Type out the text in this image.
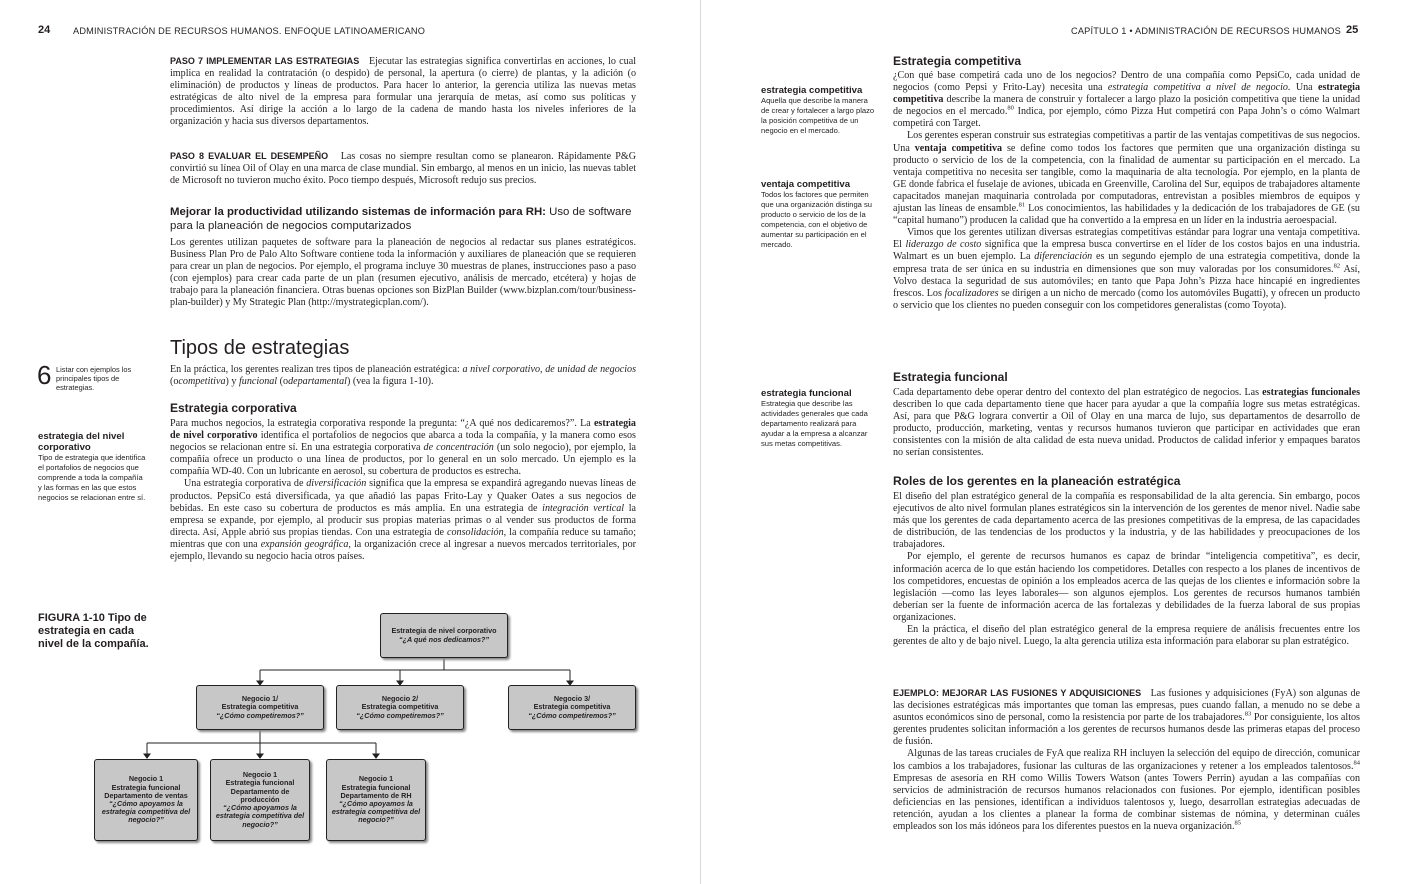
24 ADMINISTRACIÓN DE RECURSOS HUMANOS. ENFOQUE LATINOAMERICANO

PASO 7 IMPLEMENTAR LAS ESTRATEGIAS Ejecutar las estrategias significa convertirlas en acciones, lo cual implica en realidad la contratación (o despido) de personal, la apertura (o cierre) de plantas, y la adición (o eliminación) de productos y líneas de productos. Para hacer lo anterior, la gerencia utiliza las nuevas metas estratégicas de alto nivel de la empresa para formular una jerarquía de metas, así como sus políticas y procedimientos. Así dirige la acción a lo largo de la cadena de mando hasta los niveles inferiores de la organización y hacia sus diversos departamentos.

PASO 8 EVALUAR EL DESEMPEÑO Las cosas no siempre resultan como se planearon. Rápidamente P&G convirtió su línea Oil of Olay en una marca de clase mundial. Sin embargo, al menos en un inicio, las nuevas tablet de Microsoft no tuvieron mucho éxito. Poco tiempo después, Microsoft redujo sus precios.

Mejorar la productividad utilizando sistemas de información para RH: Uso de software para la planeación de negocios computarizados
Los gerentes utilizan paquetes de software para la planeación de negocios al redactar sus planes estratégicos. Business Plan Pro de Palo Alto Software contiene toda la información y auxiliares de planeación que se requieren para crear un plan de negocios. Por ejemplo, el programa incluye 30 muestras de planes, instrucciones paso a paso (con ejemplos) para crear cada parte de un plan (resumen ejecutivo, análisis de mercado, etcétera) y hojas de trabajo para la planeación financiera. Otras buenas opciones son BizPlan Builder (www.bizplan.com/tour/business-plan-builder) y My Strategic Plan (http://mystrategicplan.com/).
Tipos de estrategias
6 Listar con ejemplos los principales tipos de estrategias.
En la práctica, los gerentes realizan tres tipos de planeación estratégica: a nivel corporativo, de unidad de negocios (ocompetitiva) y funcional (odepartamental) (vea la figura 1-10).
Estrategia corporativa

Para muchos negocios, la estrategia corporativa responde la pregunta: “¿A qué nos dedicaremos?”. La estrategia de nivel corporativo identifica el portafolios de negocios que abarca a toda la compañía, y la manera como esos negocios se relacionan entre sí. En una estrategia corporativa de concentración (un solo negocio), por ejemplo, la compañía ofrece un producto o una línea de productos, por lo general en un solo mercado. Un ejemplo es la compañía WD-40. Con un lubricante en aerosol, su cobertura de productos es estrecha.

Una estrategia corporativa de diversificación significa que la empresa se expandirá agregando nuevas líneas de productos. PepsiCo está diversificada, ya que añadió las papas Frito-Lay y Quaker Oates a sus negocios de bebidas. En este caso su cobertura de productos es más amplia. En una estrategia de integración vertical la empresa se expande, por ejemplo, al producir sus propias materias primas o al vender sus productos de forma directa. Así, Apple abrió sus propias tiendas. Con una estrategia de consolidación, la compañía reduce su tamaño; mientras que con una expansión geográfica, la organización crece al ingresar a nuevos mercados territoriales, por ejemplo, llevando su negocio hacia otros países.

estrategia del nivel corporativo
Tipo de estrategia que identifica el portafolios de negocios que comprende a toda la compañía y las formas en las que estos negocios se relacionan entre sí.
FIGURA 1-10 Tipo de estrategia en cada nivel de la compañía.
Estrategia de nivel corporativo
“¿A qué nos dedicamos?”
Negocio 1/
Estrategia competitiva
“¿Cómo competiremos?”
Negocio 2/
Estrategia competitiva
“¿Cómo competiremos?”
Negocio 3/
Estrategia competitiva
“¿Cómo competiremos?”
Negocio 1
Estrategia funcional
Departamento de ventas
“¿Cómo apoyamos la estrategia competitiva del negocio?”
Negocio 1
Estrategia funcional
Departamento de producción
“¿Cómo apoyamos la estrategia competitiva del negocio?”
Negocio 1
Estrategia funcional
Departamento de RH
“¿Cómo apoyamos la estrategia competitiva del negocio?”
CAPÍTULO 1 • ADMINISTRACIÓN DE RECURSOS HUMANOS 25
estrategia competitiva
Aquella que describe la manera de crear y fortalecer a largo plazo la posición competitiva de un negocio en el mercado.
ventaja competitiva
Todos los factores que permiten que una organización distinga su producto o servicio de los de la competencia, con el objetivo de aumentar su participación en el mercado.
estrategia funcional
Estrategia que describe las actividades generales que cada departamento realizará para ayudar a la empresa a alcanzar sus metas competitivas.
Estrategia competitiva

¿Con qué base competirá cada uno de los negocios? Dentro de una compañía como PepsiCo, cada unidad de negocios (como Pepsi y Frito-Lay) necesita una estrategia competitiva a nivel de negocio. Una estrategia competitiva describe la manera de construir y fortalecer a largo plazo la posición competitiva que tiene la unidad de negocios en el mercado.$^{80}$ Indica, por ejemplo, cómo Pizza Hut competirá con Papa John’s o cómo Walmart competirá con Target.

Los gerentes esperan construir sus estrategias competitivas a partir de las ventajas competitivas de sus negocios. Una ventaja competitiva se define como todos los factores que permiten que una organización distinga su producto o servicio de los de la competencia, con la finalidad de aumentar su participación en el mercado. La ventaja competitiva no necesita ser tangible, como la maquinaria de alta tecnología. Por ejemplo, en la planta de GE donde fabrica el fuselaje de aviones, ubicada en Greenville, Carolina del Sur, equipos de trabajadores altamente capacitados manejan maquinaria controlada por computadoras, entrevistan a posibles miembros de equipos y ajustan las líneas de ensamble.$^{81}$ Los conocimientos, las habilidades y la dedicación de los trabajadores de GE (su “capital humano”) producen la calidad que ha convertido a la empresa en un líder en la industria aeroespacial.

Vimos que los gerentes utilizan diversas estrategias competitivas estándar para lograr una ventaja competitiva. El liderazgo de costo significa que la empresa busca convertirse en el líder de los costos bajos en una industria. Walmart es un buen ejemplo. La diferenciación es un segundo ejemplo de una estrategia competitiva, donde la empresa trata de ser única en su industria en dimensiones que son muy valoradas por los consumidores.$^{82}$ Así, Volvo destaca la seguridad de sus automóviles; en tanto que Papa John’s Pizza hace hincapié en ingredientes frescos. Los focalizadores se dirigen a un nicho de mercado (como los automóviles Bugatti), y ofrecen un producto o servicio que los clientes no pueden conseguir con los competidores generalistas (como Toyota).

Estrategia funcional

Cada departamento debe operar dentro del contexto del plan estratégico de negocios. Las estrategias funcionales describen lo que cada departamento tiene que hacer para ayudar a que la compañía logre sus metas estratégicas. Así, para que P&G lograra convertir a Oil of Olay en una marca de lujo, sus departamentos de desarrollo de producto, producción, marketing, ventas y recursos humanos tuvieron que participar en actividades que eran consistentes con la misión de alta calidad de esta nueva unidad. Productos de calidad inferior y empaques baratos no serían consistentes.

Roles de los gerentes en la planeación estratégica

El diseño del plan estratégico general de la compañía es responsabilidad de la alta gerencia. Sin embargo, pocos ejecutivos de alto nivel formulan planes estratégicos sin la intervención de los gerentes de menor nivel. Nadie sabe más que los gerentes de cada departamento acerca de las presiones competitivas de la empresa, de las capacidades de distribución, de las tendencias de los productos y la industria, y de las habilidades y preocupaciones de los trabajadores.

Por ejemplo, el gerente de recursos humanos es capaz de brindar “inteligencia competitiva”, es decir, información acerca de lo que están haciendo los competidores. Detalles con respecto a los planes de incentivos de los competidores, encuestas de opinión a los empleados acerca de las quejas de los clientes e información sobre la legislación —como las leyes laborales— son algunos ejemplos. Los gerentes de recursos humanos también deberían ser la fuente de información acerca de las fortalezas y debilidades de la fuerza laboral de sus propias organizaciones.

En la práctica, el diseño del plan estratégico general de la empresa requiere de análisis frecuentes entre los gerentes de alto y de bajo nivel. Luego, la alta gerencia utiliza esta información para elaborar su plan estratégico.

EJEMPLO: MEJORAR LAS FUSIONES Y ADQUISICIONES Las fusiones y adquisiciones (FyA) son algunas de las decisiones estratégicas más importantes que toman las empresas, pues cuando fallan, a menudo no se debe a asuntos económicos sino de personal, como la resistencia por parte de los trabajadores.$^{83}$ Por consiguiente, los altos gerentes prudentes solicitan información a los gerentes de recursos humanos desde las primeras etapas del proceso de fusión.

Algunas de las tareas cruciales de FyA que realiza RH incluyen la selección del equipo de dirección, comunicar los cambios a los trabajadores, fusionar las culturas de las organizaciones y retener a los empleados talentosos.$^{84}$ Empresas de asesoría en RH como Willis Towers Watson (antes Towers Perrin) ayudan a las compañías con servicios de administración de recursos humanos relacionados con fusiones. Por ejemplo, identifican posibles deficiencias en las pensiones, identifican a individuos talentosos y, luego, desarrollan estrategias adecuadas de retención, ayudan a los clientes a planear la forma de combinar sistemas de nómina, y determinan cuáles empleados son los más idóneos para los diferentes puestos en la nueva organización.$^{85}$
